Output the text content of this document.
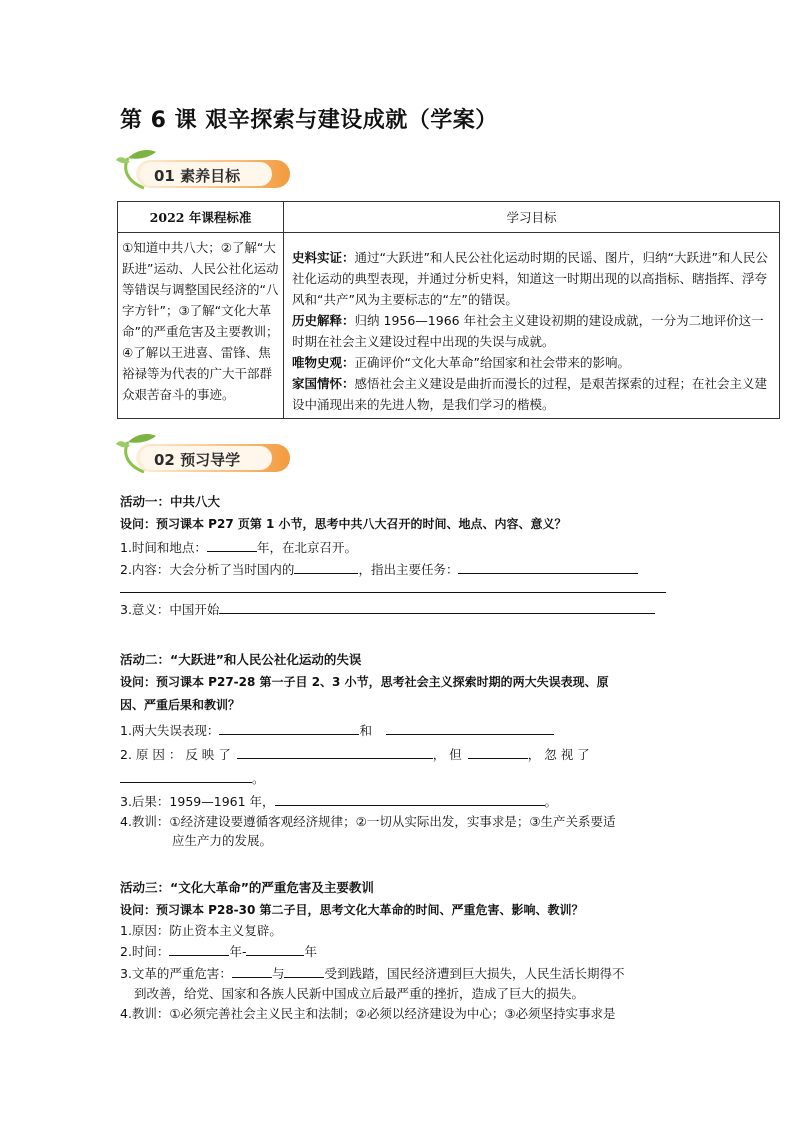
第 6 课 艰辛探索与建设成就（学案）
01 素养目标
2022 年课程标准	学习目标
①知道中共八大；②了解“大跃进”运动、人民公社化运动等错误与调整国民经济的“八字方针”；③了解“文化大革命”的严重危害及主要教训；④了解以王进喜、雷锋、焦裕禄等为代表的广大干部群众艰苦奋斗的事迹。	史料实证：通过“大跃进”和人民公社化运动时期的民谣、图片，归纳“大跃进”和人民公社化运动的典型表现，并通过分析史料，知道这一时期出现的以高指标、瞎指挥、浮夸风和“共产”风为主要标志的“左”的错误。
历史解释：归纳 1956—1966 年社会主义建设初期的建设成就，一分为二地评价这一时期在社会主义建设过程中出现的失误与成就。
唯物史观：正确评价“文化大革命”给国家和社会带来的影响。
家国情怀：感悟社会主义建设是曲折而漫长的过程，是艰苦探索的过程；在社会主义建设中涌现出来的先进人物，是我们学习的楷模。
02 预习导学
活动一：中共八大
设问：预习课本 P27 页第 1 小节，思考中共八大召开的时间、地点、内容、意义？
1.时间和地点：	年，在北京召开。
2.内容：大会分析了当时国内的	，指出主要任务：
3.意义：中国开始
活动二：“大跃进”和人民公社化运动的失误
设问：预习课本 P27-28 第一子目 2、3 小节，思考社会主义探索时期的两大失误表现、原
因、严重后果和教训？
1.两大失误表现：	和
2. 原 因 ： 反 映 了	， 但	， 忽 视 了
。
3.后果：1959—1961 年，	。
4.教训：①经济建设要遵循客观经济规律；②一切从实际出发，实事求是；③生产关系要适
应生产力的发展。
活动三：“文化大革命”的严重危害及主要教训
设问：预习课本 P28-30 第二子目，思考文化大革命的时间、严重危害、影响、教训？
1.原因：防止资本主义复辟。
2.时间：	年-	年
3.文革的严重危害：	与	受到践踏，国民经济遭到巨大损失，人民生活长期得不
到改善，给党、国家和各族人民新中国成立后最严重的挫折，造成了巨大的损失。
4.教训：①必须完善社会主义民主和法制；②必须以经济建设为中心；③必须坚持实事求是
